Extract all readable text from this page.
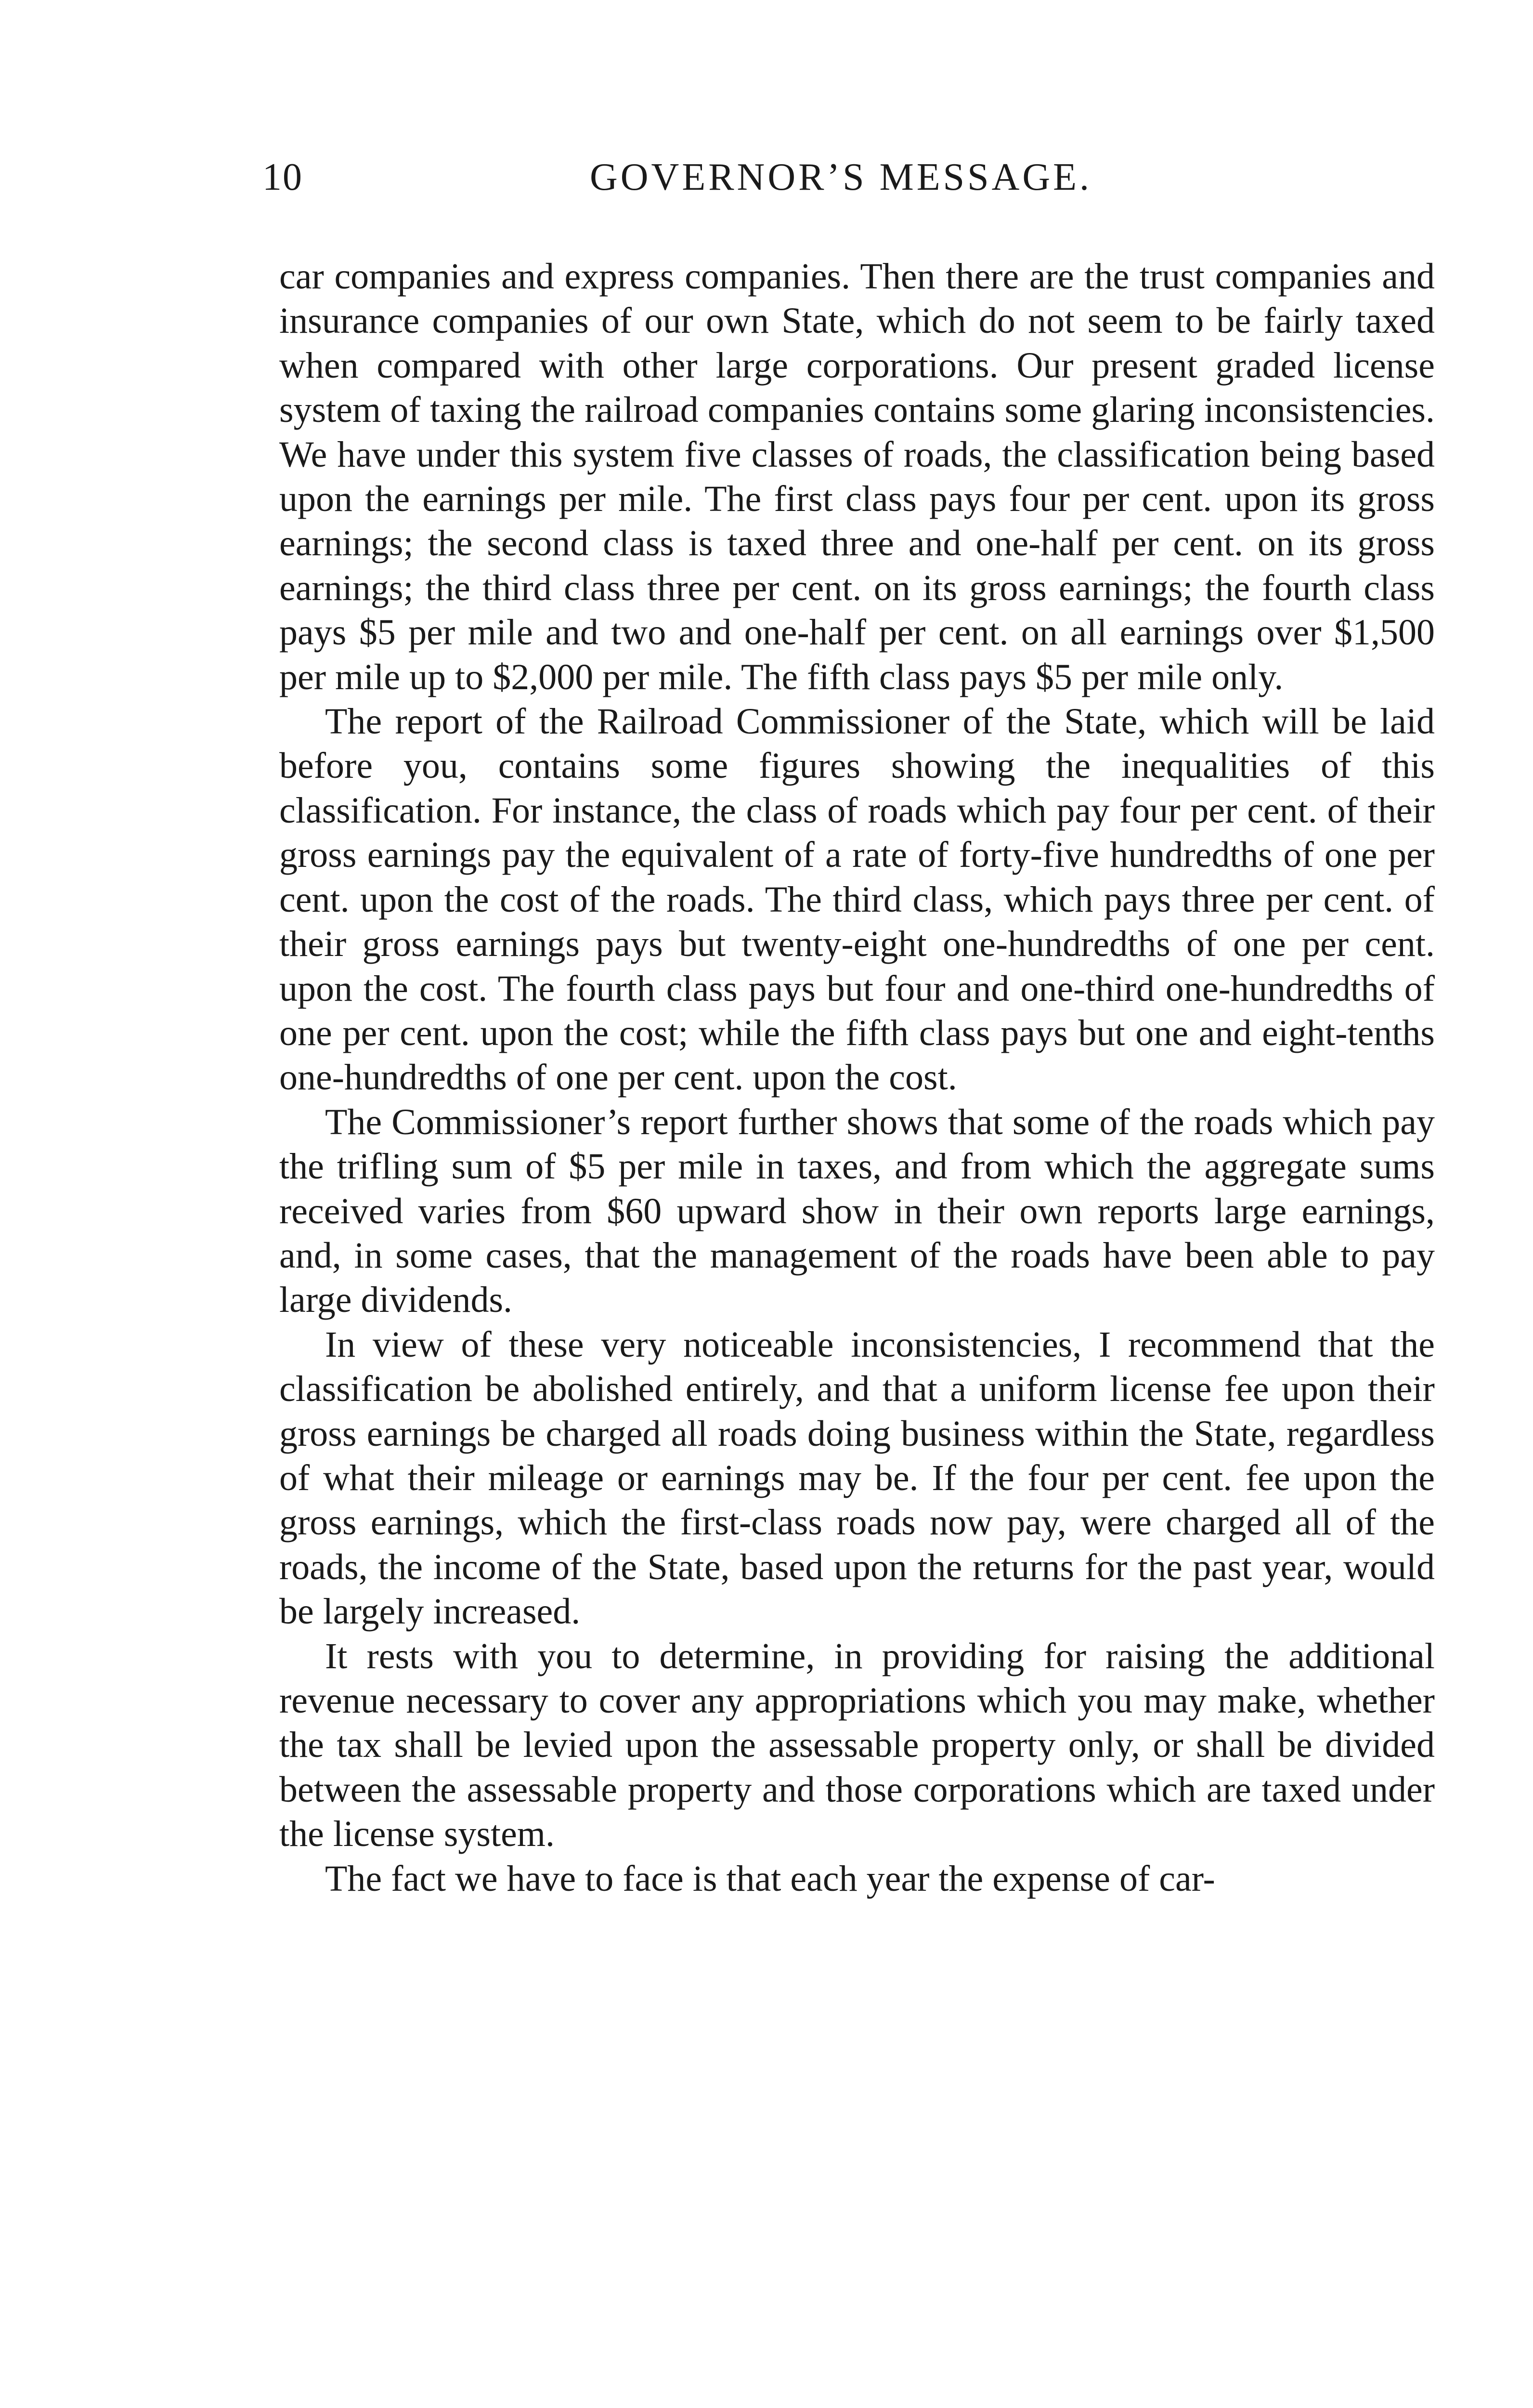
10	GOVERNOR’S MESSAGE.

car companies and express companies. Then there are the trust companies and insurance companies of our own State, which do not seem to be fairly taxed when compared with other large corporations. Our present graded license system of taxing the railroad companies contains some glaring inconsistencies. We have under this system five classes of roads, the classification being based upon the earnings per mile. The first class pays four per cent. upon its gross earnings; the second class is taxed three and one-half per cent. on its gross earnings; the third class three per cent. on its gross earnings; the fourth class pays $5 per mile and two and one-half per cent. on all earnings over $1,500 per mile up to $2,000 per mile. The fifth class pays $5 per mile only.

The report of the Railroad Commissioner of the State, which will be laid before you, contains some figures showing the inequalities of this classification. For instance, the class of roads which pay four per cent. of their gross earnings pay the equivalent of a rate of forty-five hundredths of one per cent. upon the cost of the roads. The third class, which pays three per cent. of their gross earnings pays but twenty-eight one-hundredths of one per cent. upon the cost. The fourth class pays but four and one-third one-hundredths of one per cent. upon the cost; while the fifth class pays but one and eight-tenths one-hundredths of one per cent. upon the cost.

The Commissioner’s report further shows that some of the roads which pay the trifling sum of $5 per mile in taxes, and from which the aggregate sums received varies from $60 upward show in their own reports large earnings, and, in some cases, that the management of the roads have been able to pay large dividends.

In view of these very noticeable inconsistencies, I recommend that the classification be abolished entirely, and that a uniform license fee upon their gross earnings be charged all roads doing business within the State, regardless of what their mileage or earnings may be. If the four per cent. fee upon the gross earnings, which the first-class roads now pay, were charged all of the roads, the income of the State, based upon the returns for the past year, would be largely increased.

It rests with you to determine, in providing for raising the additional revenue necessary to cover any appropriations which you may make, whether the tax shall be levied upon the assessable property only, or shall be divided between the assessable property and those corporations which are taxed under the license system.

The fact we have to face is that each year the expense of car-
